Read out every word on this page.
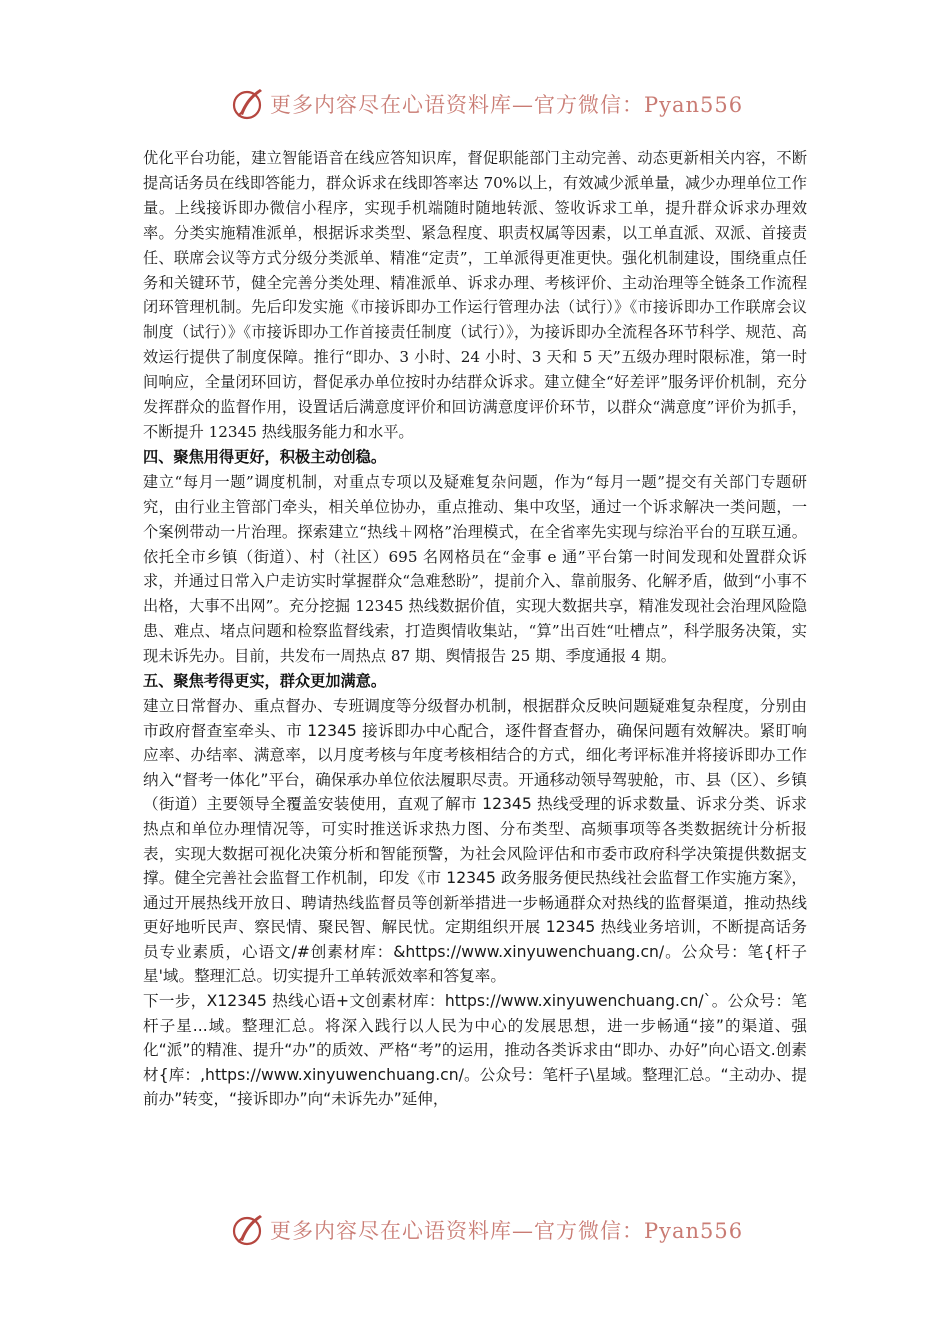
更多内容尽在心语资料库—官方微信：Pyan556

优化平台功能，建立智能语音在线应答知识库，督促职能部门主动完善、动态更新相关内容，不断提高话务员在线即答能力，群众诉求在线即答率达 70%以上，有效减少派单量，减少办理单位工作量。上线接诉即办微信小程序，实现手机端随时随地转派、签收诉求工单，提升群众诉求办理效率。分类实施精准派单，根据诉求类型、紧急程度、职责权属等因素，以工单直派、双派、首接责任、联席会议等方式分级分类派单、精准“定责”，工单派得更准更快。强化机制建设，围绕重点任务和关键环节，健全完善分类处理、精准派单、诉求办理、考核评价、主动治理等全链条工作流程闭环管理机制。先后印发实施《市接诉即办工作运行管理办法（试行）》《市接诉即办工作联席会议制度（试行）》《市接诉即办工作首接责任制度（试行）》，为接诉即办全流程各环节科学、规范、高效运行提供了制度保障。推行“即办、3 小时、24 小时、3 天和 5 天”五级办理时限标准，第一时间响应，全量闭环回访，督促承办单位按时办结群众诉求。建立健全“好差评”服务评价机制，充分发挥群众的监督作用，设置话后满意度评价和回访满意度评价环节，以群众“满意度”评价为抓手，不断提升 12345 热线服务能力和水平。

四、聚焦用得更好，积极主动创稳。

建立“每月一题”调度机制，对重点专项以及疑难复杂问题，作为“每月一题”提交有关部门专题研究，由行业主管部门牵头，相关单位协办，重点推动、集中攻坚，通过一个诉求解决一类问题，一个案例带动一片治理。探索建立“热线＋网格”治理模式，在全省率先实现与综治平台的互联互通。依托全市乡镇（街道）、村（社区）695 名网格员在“金事 e 通”平台第一时间发现和处置群众诉求，并通过日常入户走访实时掌握群众“急难愁盼”，提前介入、靠前服务、化解矛盾，做到“小事不出格，大事不出网”。充分挖掘 12345 热线数据价值，实现大数据共享，精准发现社会治理风险隐患、难点、堵点问题和检察监督线索，打造舆情收集站，“算”出百姓“吐槽点”，科学服务决策，实现未诉先办。目前，共发布一周热点 87 期、舆情报告 25 期、季度通报 4 期。

五、聚焦考得更实，群众更加满意。

建立日常督办、重点督办、专班调度等分级督办机制，根据群众反映问题疑难复杂程度，分别由市政府督查室牵头、市 12345 接诉即办中心配合，逐件督查督办，确保问题有效解决。紧盯响应率、办结率、满意率，以月度考核与年度考核相结合的方式，细化考评标准并将接诉即办工作纳入“督考一体化”平台，确保承办单位依法履职尽责。开通移动领导驾驶舱，市、县（区）、乡镇（街道）主要领导全覆盖安装使用，直观了解市 12345 热线受理的诉求数量、诉求分类、诉求热点和单位办理情况等，可实时推送诉求热力图、分布类型、高频事项等各类数据统计分析报表，实现大数据可视化决策分析和智能预警，为社会风险评估和市委市政府科学决策提供数据支撑。健全完善社会监督工作机制，印发《市 12345 政务服务便民热线社会监督工作实施方案》，通过开展热线开放日、聘请热线监督员等创新举措进一步畅通群众对热线的监督渠道，推动热线更好地听民声、察民情、聚民智、解民忧。定期组织开展 12345 热线业务培训，不断提高话务员专业素质，心语文/#创素材库：&https://www.xinyuwenchuang.cn/。公众号：笔{杆子星'域。整理汇总。切实提升工单转派效率和答复率。

下一步，X12345 热线心语+文创素材库：https://www.xinyuwenchuang.cn/`。公众号：笔杆子星...域。整理汇总。将深入践行以人民为中心的发展思想，进一步畅通“接”的渠道、强化“派”的精准、提升“办”的质效、严格“考”的运用，推动各类诉求由“即办、办好”向心语文.创素材{库：,https://www.xinyuwenchuang.cn/。公众号：笔杆子\星域。整理汇总。“主动办、提前办”转变，“接诉即办”向“未诉先办”延伸，

更多内容尽在心语资料库—官方微信：Pyan556
